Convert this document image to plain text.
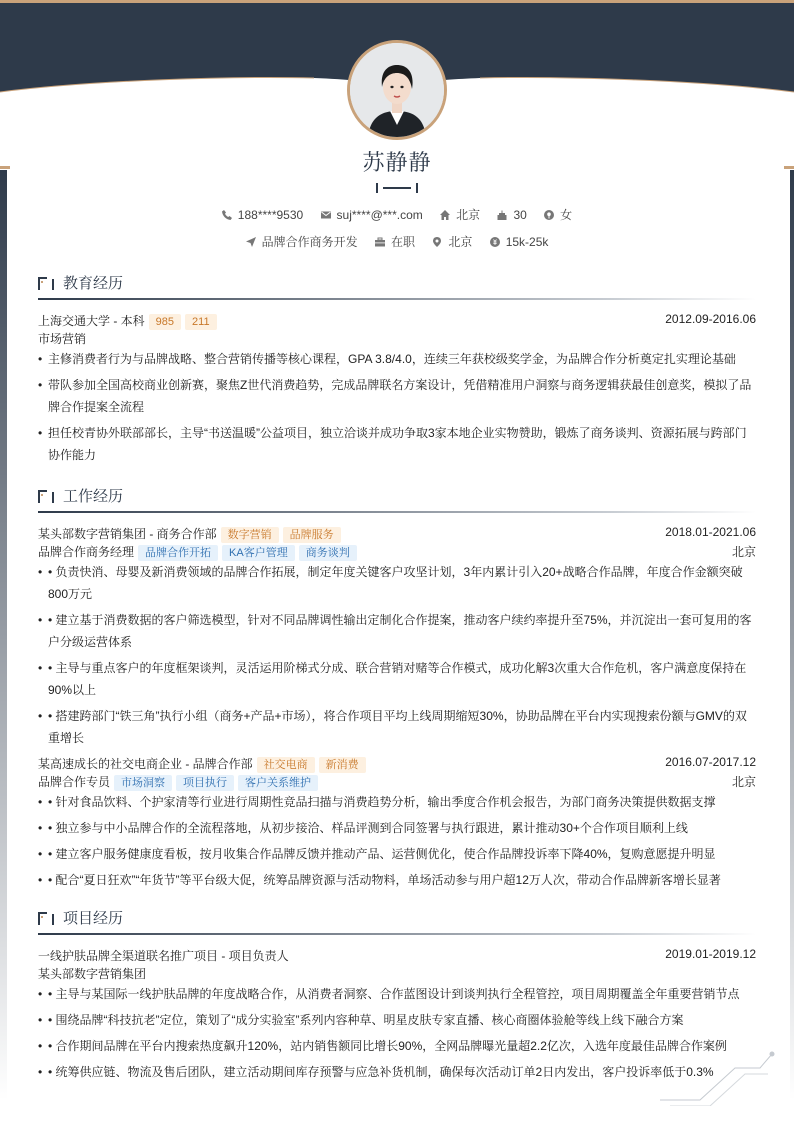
苏静静
188****9530	suj****@***.com	北京	30	女
品牌合作商务开发	在职	北京	15k-25k
教育经历
上海交通大学 - 本科 985 211	2012.09-2016.06
市场营销
• 主修消费者行为与品牌战略、整合营销传播等核心课程，GPA 3.8/4.0，连续三年获校级奖学金，为品牌合作分析奠定扎实理论基础
• 带队参加全国高校商业创新赛，聚焦Z世代消费趋势，完成品牌联名方案设计，凭借精准用户洞察与商务逻辑获最佳创意奖，模拟了品牌合作提案全流程
• 担任校青协外联部部长，主导“书送温暖”公益项目，独立洽谈并成功争取3家本地企业实物赞助，锻炼了商务谈判、资源拓展与跨部门协作能力
工作经历
某头部数字营销集团 - 商务合作部 数字营销 品牌服务	2018.01-2021.06
品牌合作商务经理 品牌合作开拓 KA客户管理 商务谈判	北京
• • 负责快消、母婴及新消费领域的品牌合作拓展，制定年度关键客户攻坚计划，3年内累计引入20+战略合作品牌，年度合作金额突破800万元
• • 建立基于消费数据的客户筛选模型，针对不同品牌调性输出定制化合作提案，推动客户续约率提升至75%，并沉淀出一套可复用的客户分级运营体系
• • 主导与重点客户的年度框架谈判，灵活运用阶梯式分成、联合营销对赌等合作模式，成功化解3次重大合作危机，客户满意度保持在90%以上
• • 搭建跨部门“铁三角”执行小组（商务+产品+市场），将合作项目平均上线周期缩短30%，协助品牌在平台内实现搜索份额与GMV的双重增长
某高速成长的社交电商企业 - 品牌合作部 社交电商 新消费	2016.07-2017.12
品牌合作专员 市场洞察 项目执行 客户关系维护	北京
• • 针对食品饮料、个护家清等行业进行周期性竞品扫描与消费趋势分析，输出季度合作机会报告，为部门商务决策提供数据支撑
• • 独立参与中小品牌合作的全流程落地，从初步接洽、样品评测到合同签署与执行跟进，累计推动30+个合作项目顺利上线
• • 建立客户服务健康度看板，按月收集合作品牌反馈并推动产品、运营侧优化，使合作品牌投诉率下降40%，复购意愿提升明显
• • 配合“夏日狂欢”“年货节”等平台级大促，统筹品牌资源与活动物料，单场活动参与用户超12万人次，带动合作品牌新客增长显著
项目经历
一线护肤品牌全渠道联名推广项目 - 项目负责人	2019.01-2019.12
某头部数字营销集团
• • 主导与某国际一线护肤品牌的年度战略合作，从消费者洞察、合作蓝图设计到谈判执行全程管控，项目周期覆盖全年重要营销节点
• • 围绕品牌“科技抗老”定位，策划了“成分实验室”系列内容种草、明星皮肤专家直播、核心商圈体验舱等线上线下融合方案
• • 合作期间品牌在平台内搜索热度飙升120%，站内销售额同比增长90%，全网品牌曝光量超2.2亿次，入选年度最佳品牌合作案例
• • 统筹供应链、物流及售后团队，建立活动期间库存预警与应急补货机制，确保每次活动订单2日内发出，客户投诉率低于0.3%
